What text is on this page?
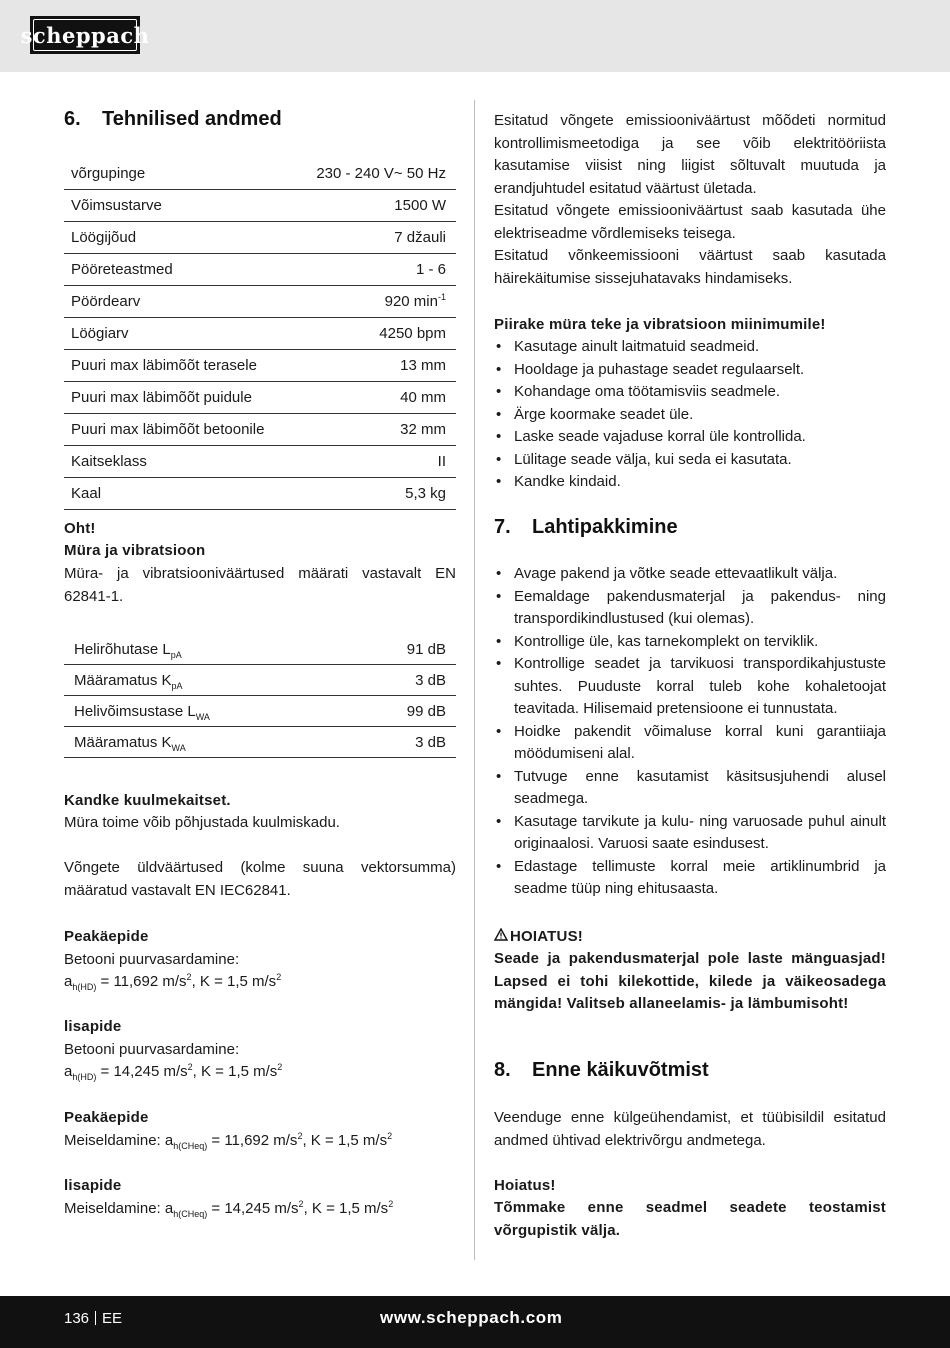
scheppach
6. Tehnilised andmed
võrgupinge	230 - 240 V~ 50 Hz
Võimsustarve	1500 W
Löögijõud	7 džauli
Pööreteastmed	1 - 6
Pöördearv	920 $\min^{-1}$
Löögiarv	4250 bpm
Puuri max läbimõõt terasele	13 mm
Puuri max läbimõõt puidule	40 mm
Puuri max läbimõõt betoonile	32 mm
Kaitseklass	II
Kaal	5,3 kg
Oht!
Müra ja vibratsioon
Müra- ja vibratsiooniväärtused määrati vastavalt EN 62841-1.
Helirõhutase $L_{pA}$	91 dB
Määramatus $K_{pA}$	3 dB
Helivõimsustase $L_{WA}$	99 dB
Määramatus $K_{WA}$	3 dB
Kandke kuulmekaitset.
Müra toime võib põhjustada kuulmiskadu.
Võngete üldväärtused (kolme suuna vektorsumma) määratud vastavalt EN IEC62841.
Peakäepide
Betooni puurvasardamine:
$a_{h(HD)} = 11,692$ $m/s^2$, K = 1,5 $m/s^2$
lisapide
Betooni puurvasardamine:
$a_{h(HD)} = 14,245$ $m/s^2$, K = 1,5 $m/s^2$
Peakäepide
Meiseldamine: $a_{h(CHeq)} = 11,692$ $m/s^2$, K = 1,5 $m/s^2$
lisapide
Meiseldamine: $a_{h(CHeq)} = 14,245$ $m/s^2$, K = 1,5 $m/s^2$
Esitatud võngete emissiooniväärtust mõõdeti normitud kontrollimismeetodiga ja see võib elektritööriista kasutamise viisist ning liigist sõltuvalt muutuda ja erandjuhtudel esitatud väärtust ületada.
Esitatud võngete emissiooniväärtust saab kasutada ühe elektriseadme võrdlemiseks teisega.
Esitatud võnkeemissiooni väärtust saab kasutada häirekäitumise sissejuhatavaks hindamiseks.
Piirake müra teke ja vibratsioon miinimumile!
• Kasutage ainult laitmatuid seadmeid.
• Hooldage ja puhastage seadet regulaarselt.
• Kohandage oma töötamisviis seadmele.
• Ärge koormake seadet üle.
• Laske seade vajaduse korral üle kontrollida.
• Lülitage seade välja, kui seda ei kasutata.
• Kandke kindaid.
7. Lahtipakkimine
• Avage pakend ja võtke seade ettevaatlikult välja.
• Eemaldage pakendusmaterjal ja pakendus- ning transpordikindlustused (kui olemas).
• Kontrollige üle, kas tarnekomplekt on terviklik.
• Kontrollige seadet ja tarvikuosi transpordikahjustuste suhtes. Puuduste korral tuleb kohe kohaletoojat teavitada. Hilisemaid pretensioone ei tunnustata.
• Hoidke pakendit võimaluse korral kuni garantiiaja möödumiseni alal.
• Tutvuge enne kasutamist käsitsusjuhendi alusel seadmega.
• Kasutage tarvikute ja kulu- ning varuosade puhul ainult originaalosi. Varuosi saate esindusest.
• Edastage tellimuste korral meie artiklinumbrid ja seadme tüüp ning ehitusaasta.
HOIATUS!
Seade ja pakendusmaterjal pole laste mänguasjad! Lapsed ei tohi kilekottide, kilede ja väikeosadega mängida! Valitseb allaneelamis- ja lämbumisoht!
8. Enne käikuvõtmist
Veenduge enne külgeühendamist, et tüübisildil esitatud andmed ühtivad elektrivõrgu andmetega.
Hoiatus!
Tõmmake enne seadmel seadete teostamist võrgupistik välja.
136 EE	www.scheppach.com
